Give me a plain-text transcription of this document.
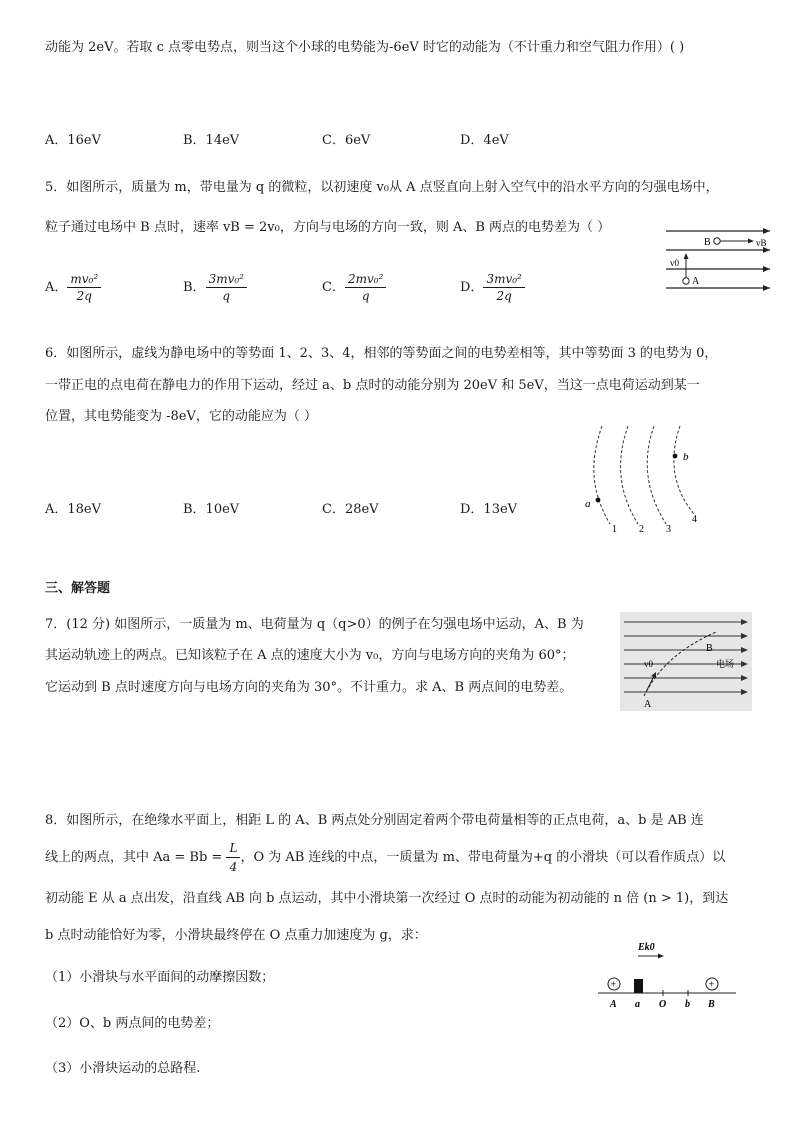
动能为 2eV。若取 c 点零电势点，则当这个小球的电势能为-6eV 时它的动能为（不计重力和空气阻力作用）( )
A．16eV	B．14eV	C．6eV	D．4eV
5．如图所示，质量为 m，带电量为 q 的微粒，以初速度 v₀从 A 点竖直向上射入空气中的沿水平方向的匀强电场中，
粒子通过电场中 B 点时，速率 vB = 2v₀，方向与电场的方向一致，则 A、B 两点的电势差为（ ）
A． $\frac{\text{mv₀²}}{2q}$	B． $\frac{\text{3mv₀²}}{q}$	C． $\frac{\text{2mv₀²}}{q}$	D． $\frac{\text{3mv₀²}}{2q}$
B	vB
v0
A
6．如图所示，虚线为静电场中的等势面 1、2、3、4，相邻的等势面之间的电势差相等，其中等势面 3 的电势为 0，
一带正电的点电荷在静电力的作用下运动，经过 a、b 点时的动能分别为 20eV 和 5eV，当这一点电荷运动到某一
位置，其电势能变为 -8eV，它的动能应为（ ）
A．18eV	B．10eV	C．28eV	D．13eV	a
b
1 2 3
4
三、解答题
7．(12 分) 如图所示，一质量为 m、电荷量为 q（q>0）的例子在匀强电场中运动，A、B 为
其运动轨迹上的两点。已知该粒子在 A 点的速度大小为 v₀，方向与电场方向的夹角为 60°；
它运动到 B 点时速度方向与电场方向的夹角为 30°。不计重力。求 A、B 两点间的电势差。
v0
B
电场
A
8．如图所示，在绝缘水平面上，相距 L 的 A、B 两点处分别固定着两个带电荷量相等的正点电荷，a、b 是 AB 连
线上的两点，其中 $Aa = Bb = \frac{L}{4}$ ，O 为 AB 连线的中点，一质量为 m、带电荷量为+q 的小滑块（可以看作质点）以
初动能 E 从 a 点出发，沿直线 AB 向 b 点运动，其中小滑块第一次经过 O 点时的动能为初动能的 n 倍 (n > 1)，到达
b 点时动能恰好为零，小滑块最终停在 O 点重力加速度为 g，求：
（1）小滑块与水平面间的动摩擦因数；
（2）O、b 两点间的电势差；
（3）小滑块运动的总路程.
Ek0
+	+
A a O b B
